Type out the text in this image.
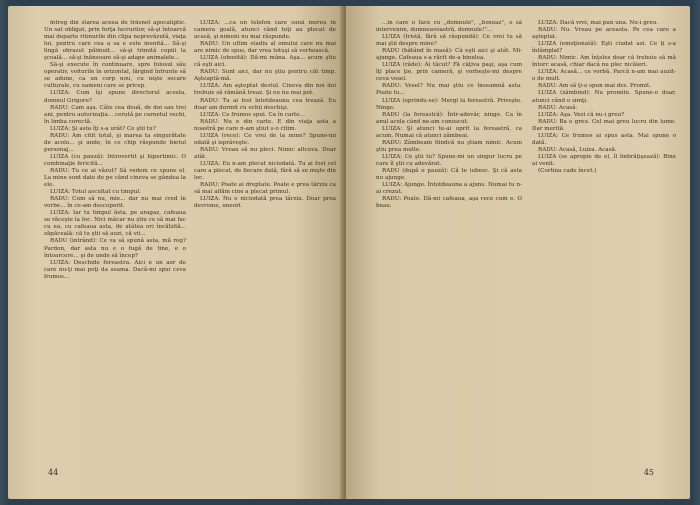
întreg din starea aceea de trăsnet apocaliptic. Un sat obligat, prin forţa lucrurilor, să-şi întoarcă mai departe ritmurile din clipa neprevăzută, viaţa lui, pentru care cea a sa e este menită... Să-şi lingă obrazul pălmuit... să-şi trimită copiii la şcoală... să-şi înănsoare să-şi adape animalele...

Să-şi execute în continuare, spre folosul său operativ, voiturile în orizontal, lărgind înfrunte să se adune, ca un corp nou, cu nişte secare culturale, cu oameni care se pricep.

LUIZA: Cum îşi spune directorul acesta, domnul Grigore?

RADU: Cam aşa. Câte cea două, de doi sau trei ani, pentru autorizaţia... cerută pe carnetul vechi, în limba corectă.

LUIZA: Şi asta îţi s-a urât? Ce ştii tu?

RADU: Am citit totul, şi marea ta singurătate de acolo... şi unde, în ce chip răspunde bietul personaj...

LUIZA (cu pauză): Introvertit şi hipertimic. O combinaţie fericită...

RADU: Tu ce ai văzut? Să vedem ce spune el. La mine sunt date de pe când cineva se gândea la ele.

LUIZA: Totul ascultat cu timpul.

RADU: Cum să nu, mie... dar nu mai cred în vorbe... în ce-am descoperit.

LUIZA: Iar tu timpul ăsta, pe aragaz, cafeaua se răceşte la foc. Nici măcar nu ştiu ce să mai fac cu ea, cu cafeaua asta, de atâtea ori încălzită... zăpăceală: că tu ştii să auzi, că vii...

RADU (intrând): Ce va să spună asta, mă rog? Pardon, dar asta nu e o fugă de tine, e o întoarcere... şi de unde să încep?

LUIZA: Deschide fereastra. Aici e un aer de care nu-ţi mai poţi da seama. Dacă-mi spui ceva frumos...

LUIZA: ...ca un telefon care sună mereu în camera goală, atunci când toţi au plecat de acasă, şi nimeni nu mai răspunde.

RADU: Un ultim stadiu al omului care nu mai are nimic de spus, dar vrea totuşi să vorbească.

LUIZA (obosită): Dă-mi mâna. Aşa... acum ştiu că eşti aici.

RADU: Sunt aici, dar nu ştiu pentru cât timp. Aşteaptă-mă.

LUIZA: Am aşteptat destul. Cineva din noi doi trebuie să rămână treaz. Şi eu nu mai pot.

RADU: Tu ai fost întotdeauna cea trează. Eu doar am dormit cu ochii deschişi.

LUIZA: Ce frumos spui. Ca în carte...

RADU: Nu e din carte. E din viaţa asta a noastră pe care n-am ştiut s-o citim.

LUIZA (rece): Ce vrei de la mine? Spune-mi odată şi isprăveşte.

RADU: Vreau să nu pleci. Nimic altceva. Doar atât.

LUIZA: Eu n-am plecat niciodată. Tu ai fost cel care a plecat, de fiecare dată, fără să se mişte din loc.

RADU: Poate ai dreptate. Poate e prea târziu ca să mai aflăm cine a plecat primul.

LUIZA: Nu e niciodată prea târziu. Doar prea devreme, uneori.

44

...în care o face cu „domnule", „boxeaz", o să intervenim, dumneavoastră, domnule!"...

LUIZA (tristă, fără să răspundă): Ce vrei tu să mai ştii despre mine?

RADU (bătând în masă): Că eşti aici şi atât. Mi-ajunge. Cafeaua s-a răcit de-a binelea.

LUIZA (râde): Ai tăcut? Fă câţiva paşi, aşa cum îţi place ţie, prin cameră, şi vorbeşte-mi despre ceva vesel.

RADU: Vesel? Nu mai ştiu ce înseamnă asta. Poate tu...

LUIZA (oprindu-se): Mergi la fereastră. Priveşte. Ninge.

RADU (la fereastră): Într-adevăr, ninge. Ca în anul acela când ne-am cunoscut.

LUIZA: Şi atunci te-ai oprit la fereastră, ca acum. Numai că atunci zâmbeai.

RADU: Zâmbeam fiindcă nu ştiam nimic. Acum ştiu prea multe.

LUIZA: Ce ştii tu? Spune-mi un singur lucru pe care îl ştii cu adevărat.

RADU (după o pauză): Că te iubesc. Şi că asta nu ajunge.

LUIZA: Ajunge. Întotdeauna a ajuns. Numai tu n-ai crezut.

RADU: Poate. Dă-mi cafeaua, aşa rece cum e. O beau.

LUIZA: Dacă vrei, mai pun una. Nu-i greu.

RADU: Nu. Vreau pe aceasta. Pe cea care a aşteptat.

LUIZA (emoţionată): Eşti ciudat azi. Ce ţi s-a întâmplat?

RADU: Nimic. Am înţeles doar că trebuie să mă întorc acasă, chiar dacă nu plec nicăieri.

LUIZA: Acasă... ce vorbă. Parcă n-am mai auzit-o de mult.

RADU: Am să ţi-o spun mai des. Promit.

LUIZA (zâmbind): Nu promite. Spune-o doar, atunci când o simţi.

RADU: Acasă.

LUIZA: Aşa. Vezi că nu-i greu?

RADU: Ba e greu. Cel mai greu lucru din lume. Dar merită.

LUIZA: Ce frumos ai spus asta. Mai spune o dată.

RADU: Acasă, Luiza. Acasă.

LUIZA (se apropie de el, îl îmbrăţişează): Bine ai venit.

(Cortina cade încet.)

45
